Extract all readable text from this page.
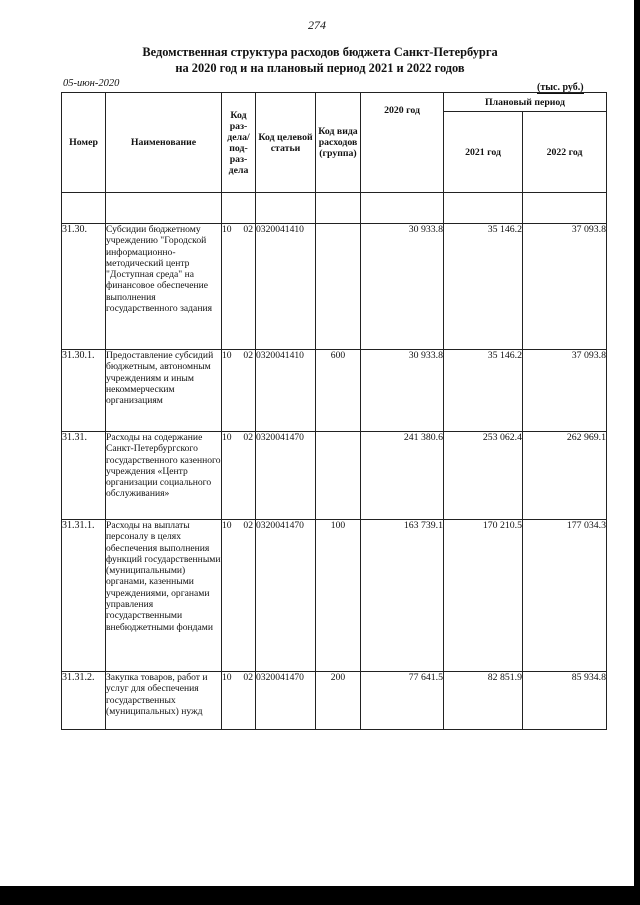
274
Ведомственная структура расходов бюджета Санкт-Петербурга
на 2020 год и на плановый период 2021 и 2022 годов
05-июн-2020	(тыс. руб.)
Номер	Наименование	Код раз-дела/ под-раз-дела	Код целевой статьи	Код вида расходов (группа)	2020 год	Плановый период	
						2021 год	2022 год

31.30.	Субсидии бюджетному учреждению "Городской информационно-методический центр "Доступная среда" на финансовое обеспечение выполнения государственного задания	10 02	0320041410		30 933.8	35 146.2	37 093.8
31.30.1.	Предоставление субсидий бюджетным, автономным учреждениям и иным некоммерческим организациям	10 02	0320041410	600	30 933.8	35 146.2	37 093.8
31.31.	Расходы на содержание Санкт-Петербургского государственного казенного учреждения «Центр организации социального обслуживания»	10 02	0320041470		241 380.6	253 062.4	262 969.1
31.31.1.	Расходы на выплаты персоналу в целях обеспечения выполнения функций государственными (муниципальными) органами, казенными учреждениями, органами управления государственными внебюджетными фондами	10 02	0320041470	100	163 739.1	170 210.5	177 034.3
31.31.2.	Закупка товаров, работ и услуг для обеспечения государственных (муниципальных) нужд	10 02	0320041470	200	77 641.5	82 851.9	85 934.8
